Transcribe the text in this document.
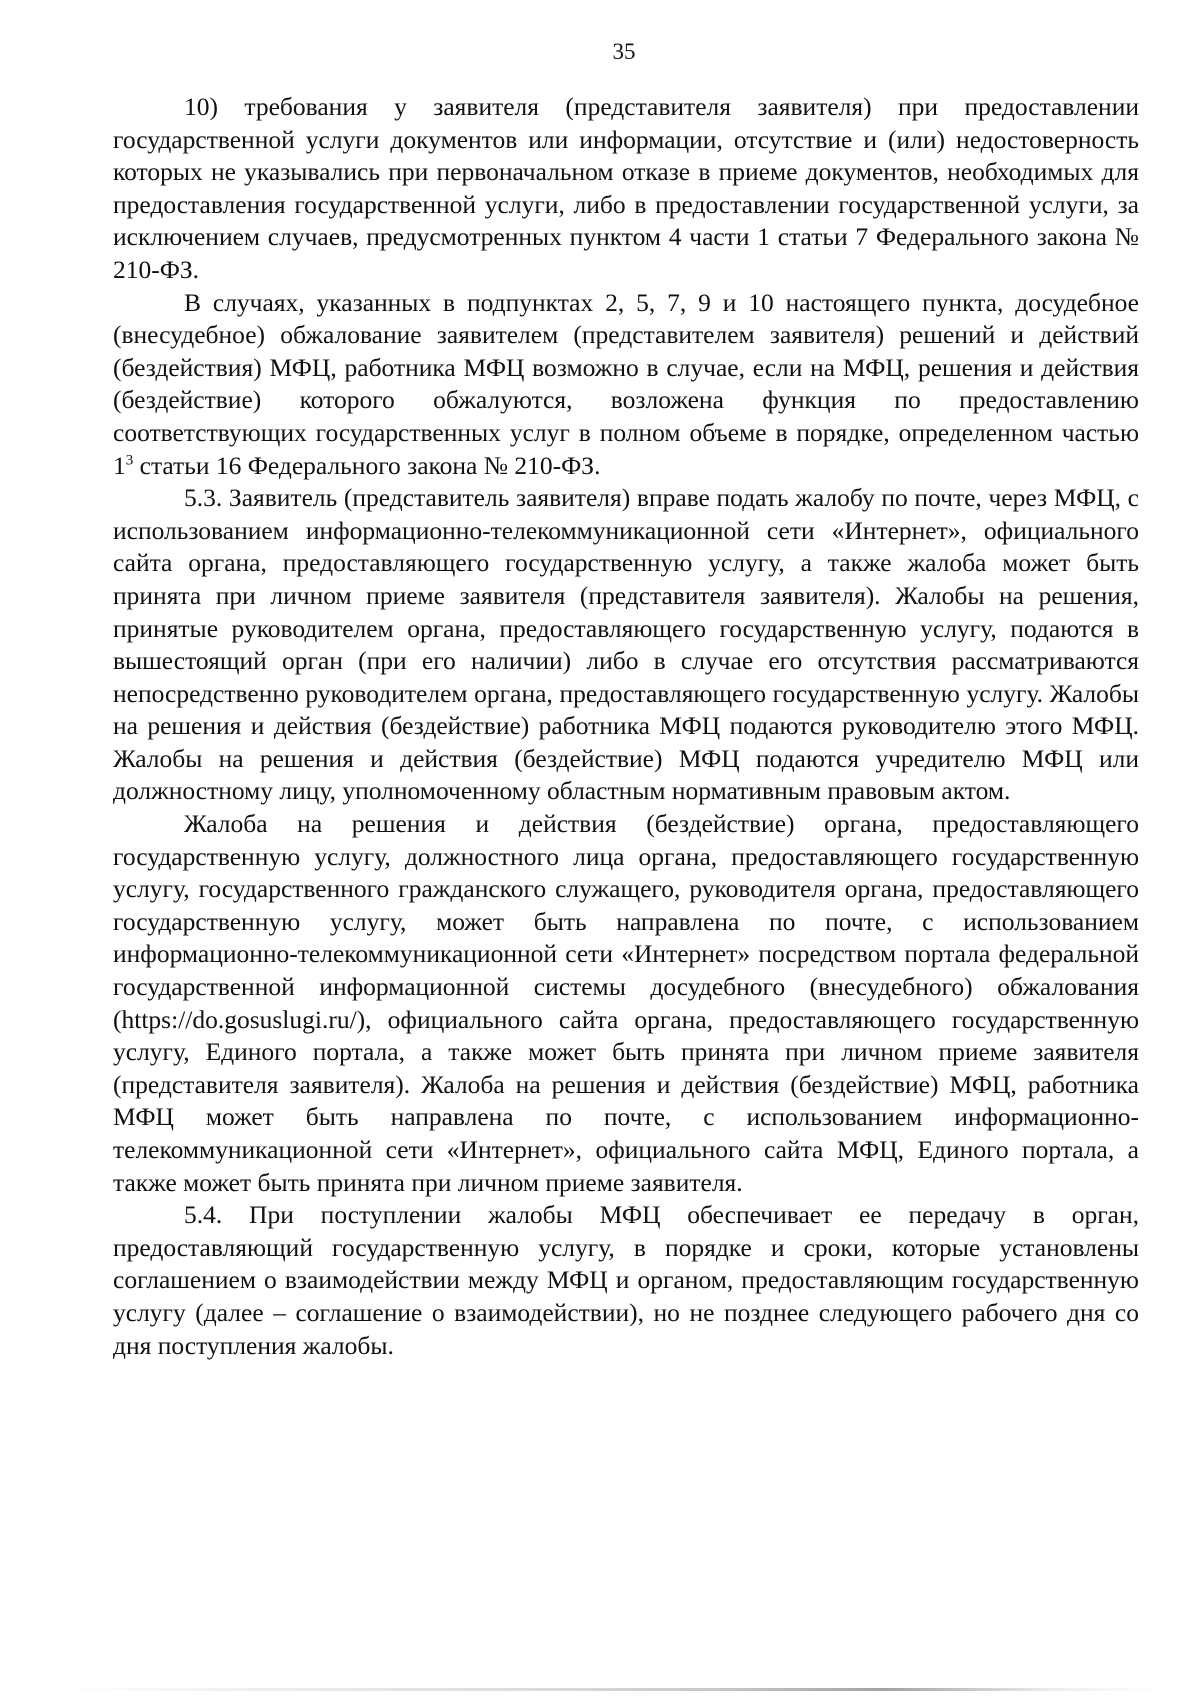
35

10) требования у заявителя (представителя заявителя) при предоставлении государственной услуги документов или информации, отсутствие и (или) недостоверность которых не указывались при первоначальном отказе в приеме документов, необходимых для предоставления государственной услуги, либо в предоставлении государственной услуги, за исключением случаев, предусмотренных пунктом 4 части 1 статьи 7 Федерального закона № 210-ФЗ.

В случаях, указанных в подпунктах 2, 5, 7, 9 и 10 настоящего пункта, досудебное (внесудебное) обжалование заявителем (представителем заявителя) решений и действий (бездействия) МФЦ, работника МФЦ возможно в случае, если на МФЦ, решения и действия (бездействие) которого обжалуются, возложена функция по предоставлению соответствующих государственных услуг в полном объеме в порядке, определенном частью $1^3$ статьи 16 Федерального закона № 210-ФЗ.

5.3. Заявитель (представитель заявителя) вправе подать жалобу по почте, через МФЦ, с использованием информационно-телекоммуникационной сети «Интернет», официального сайта органа, предоставляющего государственную услугу, а также жалоба может быть принята при личном приеме заявителя (представителя заявителя). Жалобы на решения, принятые руководителем органа, предоставляющего государственную услугу, подаются в вышестоящий орган (при его наличии) либо в случае его отсутствия рассматриваются непосредственно руководителем органа, предоставляющего государственную услугу. Жалобы на решения и действия (бездействие) работника МФЦ подаются руководителю этого МФЦ. Жалобы на решения и действия (бездействие) МФЦ подаются учредителю МФЦ или должностному лицу, уполномоченному областным нормативным правовым актом.

Жалоба на решения и действия (бездействие) органа, предоставляющего государственную услугу, должностного лица органа, предоставляющего государственную услугу, государственного гражданского служащего, руководителя органа, предоставляющего государственную услугу, может быть направлена по почте, с использованием информационно-телекоммуникационной сети «Интернет» посредством портала федеральной государственной информационной системы досудебного (внесудебного) обжалования (https://do.gosuslugi.ru/), официального сайта органа, предоставляющего государственную услугу, Единого портала, а также может быть принята при личном приеме заявителя (представителя заявителя). Жалоба на решения и действия (бездействие) МФЦ, работника МФЦ может быть направлена по почте, с использованием информационно-телекоммуникационной сети «Интернет», официального сайта МФЦ, Единого портала, а также может быть принята при личном приеме заявителя.

5.4. При поступлении жалобы МФЦ обеспечивает ее передачу в орган, предоставляющий государственную услугу, в порядке и сроки, которые установлены соглашением о взаимодействии между МФЦ и органом, предоставляющим государственную услугу (далее – соглашение о взаимодействии), но не позднее следующего рабочего дня со дня поступления жалобы.
